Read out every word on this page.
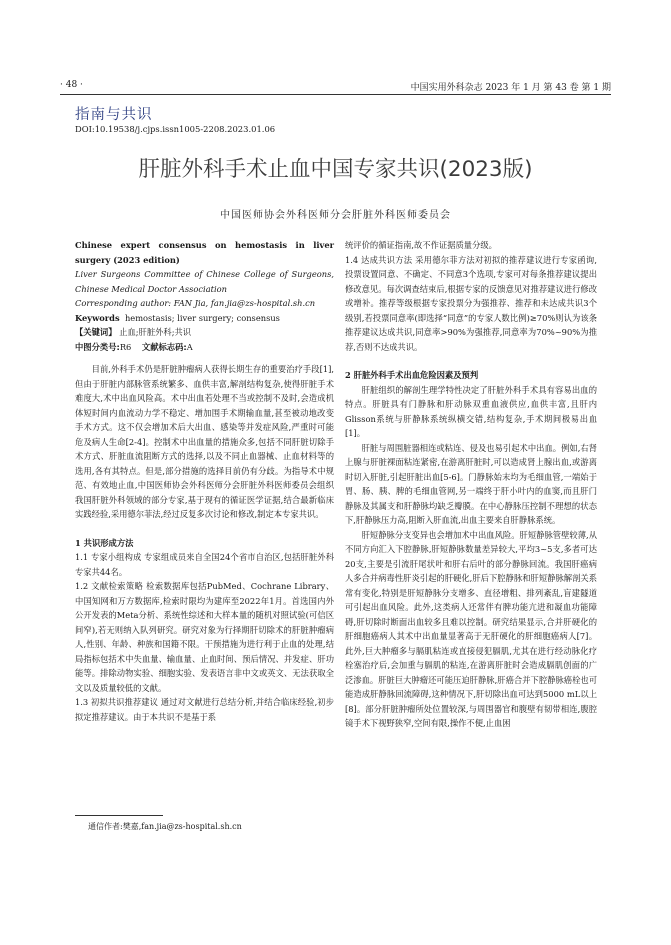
· 48 ·	中国实用外科杂志 2023 年 1 月 第 43 卷 第 1 期
指南与共识
DOI:10.19538/j.cjps.issn1005-2208.2023.01.06
肝脏外科手术止血中国专家共识(2023版)
中国医师协会外科医师分会肝脏外科医师委员会

Chinese expert consensus on hemostasis in liver surgery (2023 edition)

Liver Surgeons Committee of Chinese College of Surgeons, Chinese Medical Doctor Association

Corresponding author: FAN Jia, fan.jia@zs-hospital.sh.cn

Keywords hemostasis; liver surgery; consensus

【关键词】 止血;肝脏外科;共识

中图分类号:R6 文献标志码:A

目前,外科手术仍是肝脏肿瘤病人获得长期生存的重要治疗手段[1],但由于肝脏内部脉管系统繁多、血供丰富,解剖结构复杂,使得肝脏手术难度大,术中出血风险高。术中出血若处理不当或控制不及时,会造成机体短时间内血流动力学不稳定、增加围手术期输血量,甚至被动地改变手术方式。这不仅会增加术后大出血、感染等并发症风险,严重时可能危及病人生命[2-4]。控制术中出血量的措施众多,包括不同肝脏切除手术方式、肝脏血流阻断方式的选择,以及不同止血器械、止血材料等的选用,各有其特点。但是,部分措施的选择目前仍有分歧。为指导术中规范、有效地止血,中国医师协会外科医师分会肝脏外科医师委员会组织我国肝脏外科领域的部分专家,基于现有的循证医学证据,结合最新临床实践经验,采用德尔菲法,经过反复多次讨论和修改,制定本专家共识。

1 共识形成方法

1.1 专家小组构成 专家组成员来自全国24个省市自治区,包括肝脏外科专家共44名。

1.2 文献检索策略 检索数据库包括PubMed、Cochrane Library、中国知网和万方数据库,检索时限均为建库至2022年1月。首选国内外公开发表的Meta分析、系统性综述和大样本量的随机对照试验(可信区间窄),若无则纳入队列研究。研究对象为行择期肝切除术的肝脏肿瘤病人,性别、年龄、种族和国籍不限。干预措施为进行利于止血的处理,结局指标包括术中失血量、输血量、止血时间、预后情况、并发症、肝功能等。排除动物实验、细胞实验、发表语言非中文或英文、无法获取全文以及质量较低的文献。

1.3 初拟共识推荐建议 通过对文献进行总结分析,并结合临床经验,初步拟定推荐建议。由于本共识不是基于系

统评价的循证指南,故不作证据质量分级。

1.4 达成共识方法 采用德尔菲方法对初拟的推荐建议进行专家函询,投票设置同意、不确定、不同意3个选项,专家可对每条推荐建议提出修改意见。每次调查结束后,根据专家的反馈意见对推荐建议进行修改或增补。推荐等级根据专家投票分为强推荐、推荐和未达成共识3个级别,若投票同意率(即选择“同意”的专家人数比例)≥70%则认为该条推荐建议达成共识,同意率>90%为强推荐,同意率为70%~90%为推荐,否则不达成共识。

2 肝脏外科手术出血危险因素及预判

肝脏组织的解剖生理学特性决定了肝脏外科手术具有容易出血的特点。肝脏具有门静脉和肝动脉双重血液供应,血供丰富,且肝内Glisson系统与肝静脉系统纵横交错,结构复杂,手术期间极易出血[1]。

肝脏与周围脏器相连或粘连、侵及也易引起术中出血。例如,右肾上腺与肝脏裸面粘连紧密,在游离肝脏时,可以造成肾上腺出血,或游离时切入肝脏,引起肝脏出血[5-6]。门静脉始末均为毛细血管,一端始于胃、肠、胰、脾的毛细血管网,另一端终于肝小叶内的血窦,而且肝门静脉及其属支和肝静脉均缺乏瓣膜。在中心静脉压控制不理想的状态下,肝静脉压力高,阻断入肝血流,出血主要来自肝静脉系统。

肝短静脉分支变异也会增加术中出血风险。肝短静脉管壁较薄,从不同方向汇入下腔静脉,肝短静脉数量差异较大,平均3~5支,多者可达20支,主要是引流肝尾状叶和肝右后叶的部分静脉回流。我国肝癌病人多合并病毒性肝炎引起的肝硬化,肝后下腔静脉和肝短静脉解剖关系常有变化,特别是肝短静脉分支增多、直径增粗、排列紊乱,盲建隧道可引起出血风险。此外,这类病人还常伴有脾功能亢进和凝血功能障碍,肝切除时断面出血较多且难以控制。研究结果显示,合并肝硬化的肝细胞癌病人其术中出血量显著高于无肝硬化的肝细胞癌病人[7]。此外,巨大肿瘤多与膈肌粘连或直接侵犯膈肌,尤其在进行经动脉化疗栓塞治疗后,会加重与膈肌的粘连,在游离肝脏时会造成膈肌创面的广泛渗血。肝脏巨大肿瘤还可能压迫肝静脉,肝癌合并下腔静脉癌栓也可能造成肝静脉回流障碍,这种情况下,肝切除出血可达到5000 mL以上[8]。部分肝脏肿瘤所处位置较深,与周围器官和腹壁有韧带相连,腹腔镜手术下视野狭窄,空间有限,操作不便,止血困

通信作者:樊嘉,fan.jia@zs-hospital.sh.cn
